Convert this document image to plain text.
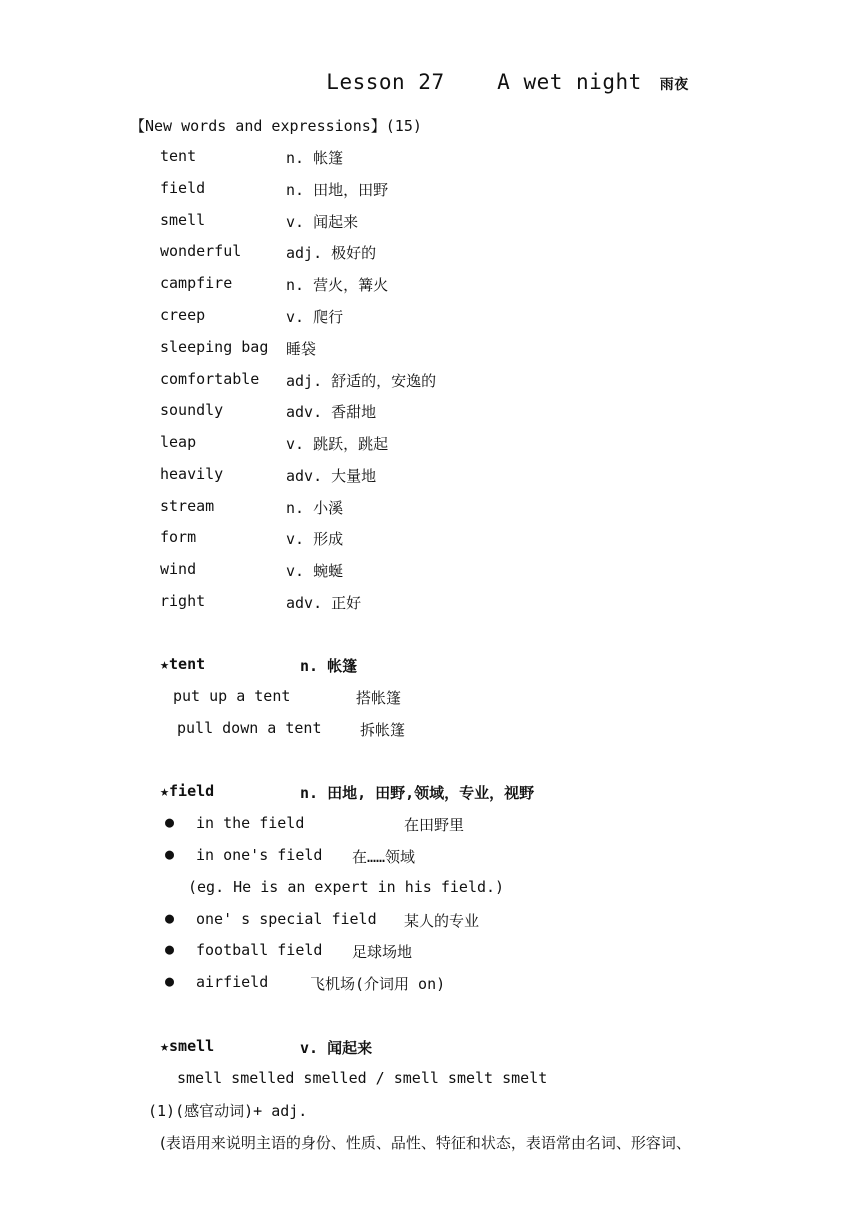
Lesson 27	A wet night 雨夜

【New words and expressions】(15)
tent	n. 帐篷
field	n. 田地，田野
smell	v. 闻起来
wonderful	adj. 极好的
campfire	n. 营火，篝火
creep	v. 爬行
sleeping bag 睡袋
comfortable adj. 舒适的，安逸的
soundly	adv. 香甜地
leap	v. 跳跃，跳起
heavily	adv. 大量地
stream	n. 小溪
form	v. 形成
wind	v. 蜿蜒
right	adv. 正好
★tent	n. 帐篷
put up a tent	搭帐篷
pull down a tent	拆帐篷
★field	n. 田地, 田野,领域，专业，视野
● in the field	在田野里
● in one's field 在……领域
(eg. He is an expert in his field.)
● one' s special field 某人的专业
● football field 足球场地
● airfield	飞机场(介词用 on)
★smell	v. 闻起来
smell smelled smelled / smell smelt smelt
(1)(感官动词)+ adj.
(表语用来说明主语的身份、性质、品性、特征和状态，表语常由名词、形容词、
